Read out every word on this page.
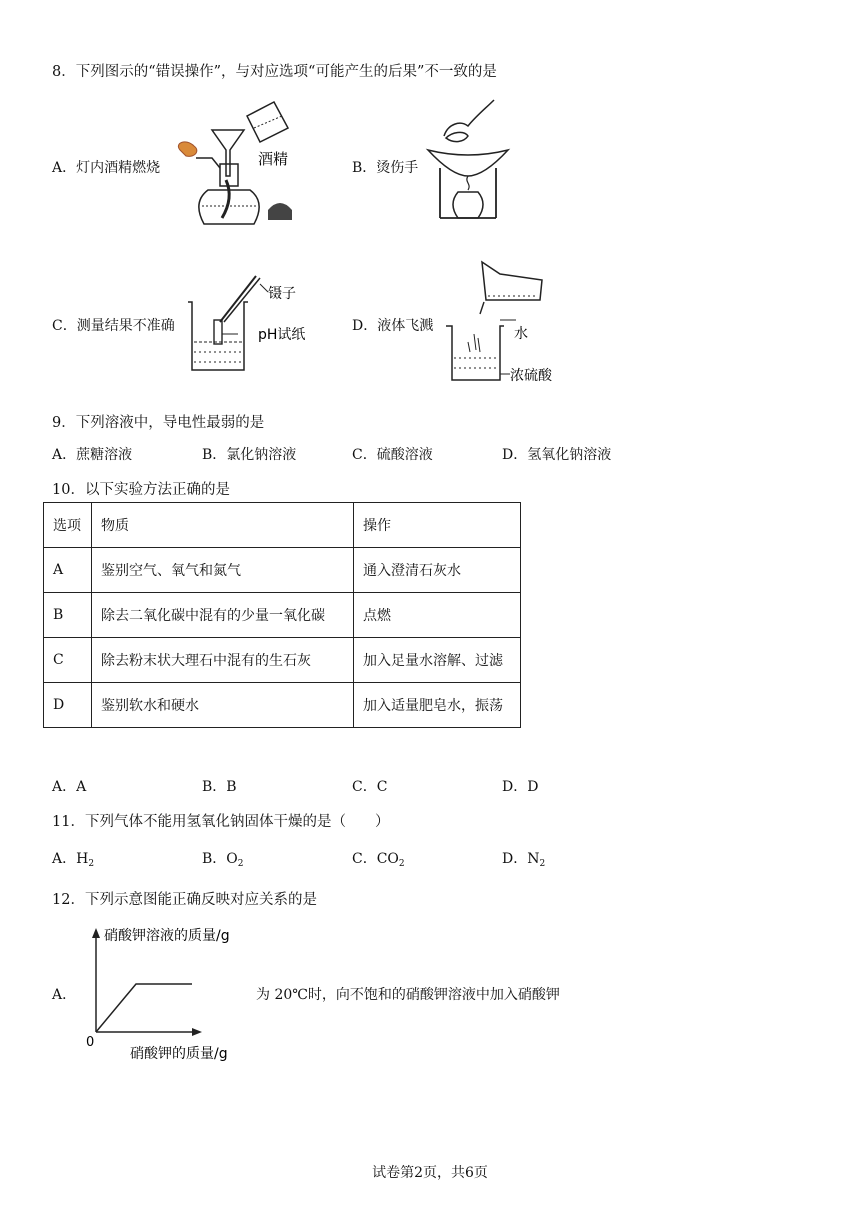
8．下列图示的“错误操作”，与对应选项“可能产生的后果”不一致的是
A．灯内酒精燃烧	酒精	B．烫伤手
C．测量结果不准确
镊子
pH试纸
D．液体飞溅	水
浓硫酸
9．下列溶液中，导电性最弱的是
A．蔗糖溶液	B．氯化钠溶液	C．硫酸溶液	D．氢氧化钠溶液
10．以下实验方法正确的是
选项	物质	操作
A	鉴别空气、氧气和氮气	通入澄清石灰水
B	除去二氧化碳中混有的少量一氧化碳	点燃
C	除去粉末状大理石中混有的生石灰	加入足量水溶解、过滤
D	鉴别软水和硬水	加入适量肥皂水，振荡
A．A	B．B	C．C	D．D
11．下列气体不能用氢氧化钠固体干燥的是（　　）
A．$H_2$	B．$O_2$	C．$CO_2$	D．$N_2$
12．下列示意图能正确反映对应关系的是
A．
硝酸钾溶液的质量/g
硝酸钾的质量/g
0
为 20℃时，向不饱和的硝酸钾溶液中加入硝酸钾
试卷第2页，共6页
